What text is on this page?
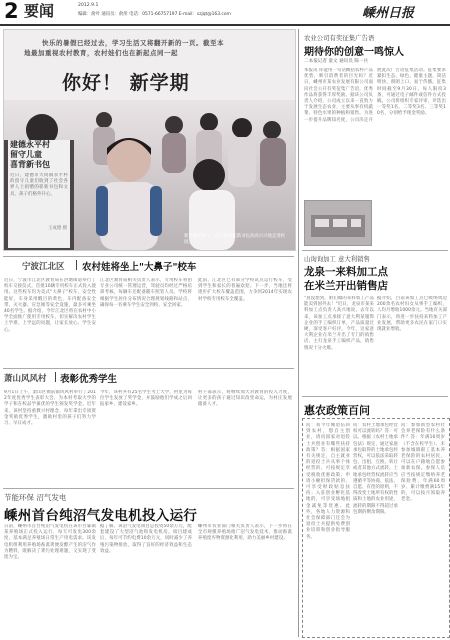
2 要闻	2012.9.1
编辑：俞叶 通讯员：俞彤 电话：0571-66757197 E-mail：szjqt@163.com	嵊州日报
快乐的暑假已经过去，学习生活又将翻开新的一页。截至本
地最加重视农村教育，农村娃们也在新起点同一起
你好！ 新学期
建德永平村
留守儿童
喜背新书包
近日，建德市大同镇永平村的留守儿童们收到了社会各界人士捐赠的崭新书包和文具，孩子们格外开心。
王成德 摄
新学期开始了，孩子们背起新书包高高兴兴地走进校园。
宁波江北区 农村娃将坐上"大鼻子"校车
近日，宁波市江北区教育局在洪塘街道举行了校车交接仪式，首批10辆专用校车正式投入使用。这些校车均为美式"大鼻子"校车，安全性能好，车身采用醒目的黄色，车内配备安全带、灭火器、应急锤等安全设施，最多可乘坐40名学生。据介绍，今年江北区将在农村中小学全面推广使用专用校车，切实解决农村学生上学难、上学远的问题，让家长放心、学生安心。
江北区教育局相关负责人表示，专用校车将由专业公司统一管理运营，驾驶员均经过严格培训考核，每辆车还配备随车照管人员。学校将根据学生居住分布情况合理规划线路和站点，确保每一名乘车学生安全到校、安全回家。
此前，江北区已有部分学校试点运行校车，受到学生和家长的普遍欢迎。下一步，当地还将逐步扩大校车覆盖范围，力争到2014年实现农村学校专用校车全覆盖。
萧山风风村 表彰优秀学生
9月1日上午，萧山区衙前镇风风村举行了2012年度优秀学生表彰大会，为本村考取大学的学子和在校品学兼优的学生颁发奖学金。近年来，该村坚持重教兴村理念，每年拿出专项资金奖励优秀学生，激励村里的孩子们努力学习、早日成才。
今年，该村共有25名学生考上大学，村里为每位学生发放了奖学金，并鼓励他们学成之后回报家乡、建设家乡。
村干部表示，将继续加大对教育的投入力度，让更多的孩子通过知识改变命运，为村庄发展储备人才。
节能环保 沼气发电
嵊州首台纯沼气发电机投入运行
日前，嵊州市首台纯沼气发电机在该市甘霖镇某养殖场正式投入运行，每天可发电300余度，基本满足养殖场日常生产用电需求。该发电机组利用养殖场畜禽粪便发酵产生的沼气作为燃料，既解决了粪污处理难题，又实现了变废为宝。
据了解，该沼气发电项目总投资50余万元，配套建设了大型沼气池和发电机房。项目建成后，每年可节约电费10余万元，同时减少了养殖污染物排放，取得了良好的经济效益和生态效益。
嵊州市农业部门相关负责人表示，下一步将在全市规模养殖场推广沼气发电技术，推动畜禽养殖废弃物资源化利用，助力美丽乡村建设。
农业公司有奖征集广告语
期待你的创意一鸣惊人
二本报记者 童文 通讯员 陈一兵
本报讯 你能用一句话概括农村产品优势，吸引消费者的目光吗？近日，嵊州市某农业发展有限公司面向社会公开有奖征集广告语，优秀作品将获得丰厚奖励。据该公司负责人介绍，公司成立以来一直致力于发展生态农业，主要从事有机蔬菜、特色水果的种植和销售。为进一步提升品牌知名度，公司决定开展此次广告语征集活动。征集要求紧扣生态、绿色、健康主题，简洁明快、朗朗上口、易于传播。征集时间截至9月30日，每人限投3条，可通过电子邮件或信件方式投稿。公司将组织专家评审，评选出一等奖1名、二等奖3名、三等奖10名，分别给予现金奖励。
山询询加工 意大利销售
龙泉一来料加工点
在米兰开出销售店
"真没想到，咱们做的来料加工产品能卖到国外去！"近日，龙泉市某来料加工点负责人高兴地说。去年以来，该加工点承接了意大利某服饰企业的手工编织订单，产品质量过硬，深受客户好评。今年，这家意大利企业在米兰开出了专门的销售店，主打龙泉手工编织产品，销售情况十分火爆。
据介绍，目前该加工点已吸纳周边200余名农村妇女从事手工编织，人均月增收1000余元。当地有关部门表示，将进一步扶持来料加工产业发展，帮助更多农民在家门口实现就业增收。
惠农政策百问
问：我今年刚退伍回到农村，想自主创业，请问国家对退役士兵创业有哪些扶持政策？答：根据国家有关规定，自主就业的退役士兵从事个体经营的，可按规定享受税收优惠政策；申请小额担保贷款的，可享受财政贴息扶持；入驻创业孵化基地的，可享受场地租金减免等优惠。此外，各地人力资源和社会保障部门还会为退役士兵提供免费创业培训和创业指导服务。
问：农村土地承包经营权可以流转吗？答：可以。根据《农村土地承包法》规定，通过家庭承包取得的土地承包经营权，可以依法采取转包、出租、互换、转让或者其他方式流转。土地承包经营权流转应当遵循平等协商、依法、自愿、有偿的原则，不得改变土地所有权的性质和土地的农业用途，流转的期限不得超过承包期的剩余期限。
问：参加新型农村社会养老保险有什么条件？答：年满16周岁（不含在校学生）、未参加城镇职工基本养老保险的农村居民，可以在户籍地自愿参加新农保。参保人员应当按规定缴纳养老保险费，年满60周岁、累计缴费满15年的，可以按月领取养老金。
